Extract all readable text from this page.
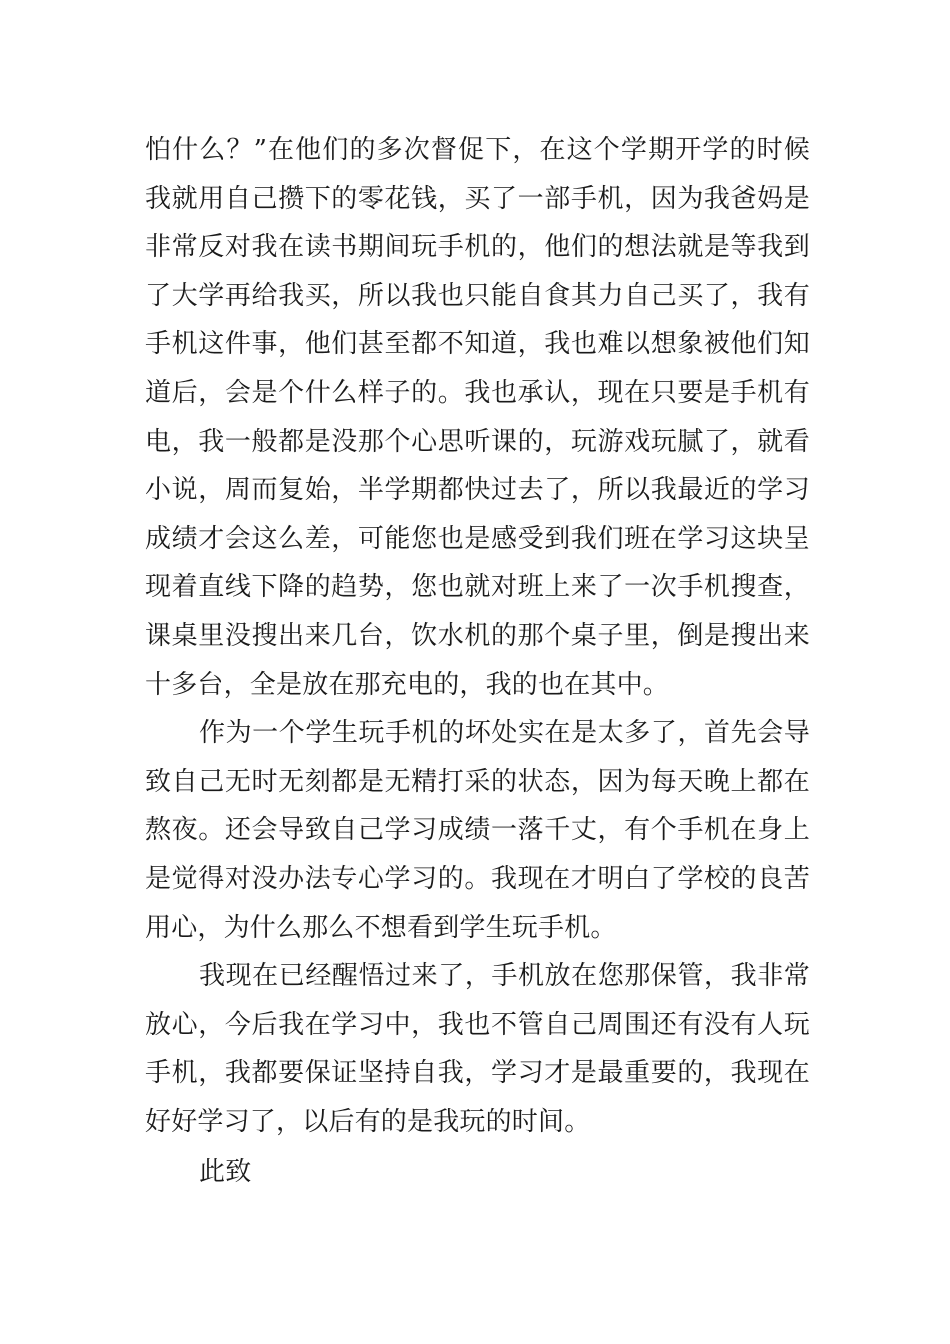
怕什么？”在他们的多次督促下，在这个学期开学的时候我就用自己攒下的零花钱，买了一部手机，因为我爸妈是非常反对我在读书期间玩手机的，他们的想法就是等我到了大学再给我买，所以我也只能自食其力自己买了，我有手机这件事，他们甚至都不知道，我也难以想象被他们知道后，会是个什么样子的。我也承认，现在只要是手机有电，我一般都是没那个心思听课的，玩游戏玩腻了，就看小说，周而复始，半学期都快过去了，所以我最近的学习成绩才会这么差，可能您也是感受到我们班在学习这块呈现着直线下降的趋势，您也就对班上来了一次手机搜查，课桌里没搜出来几台，饮水机的那个桌子里，倒是搜出来十多台，全是放在那充电的，我的也在其中。

作为一个学生玩手机的坏处实在是太多了，首先会导致自己无时无刻都是无精打采的状态，因为每天晚上都在熬夜。还会导致自己学习成绩一落千丈，有个手机在身上是觉得对没办法专心学习的。我现在才明白了学校的良苦用心，为什么那么不想看到学生玩手机。

我现在已经醒悟过来了，手机放在您那保管，我非常放心，今后我在学习中，我也不管自己周围还有没有人玩手机，我都要保证坚持自我，学习才是最重要的，我现在好好学习了，以后有的是我玩的时间。

此致
